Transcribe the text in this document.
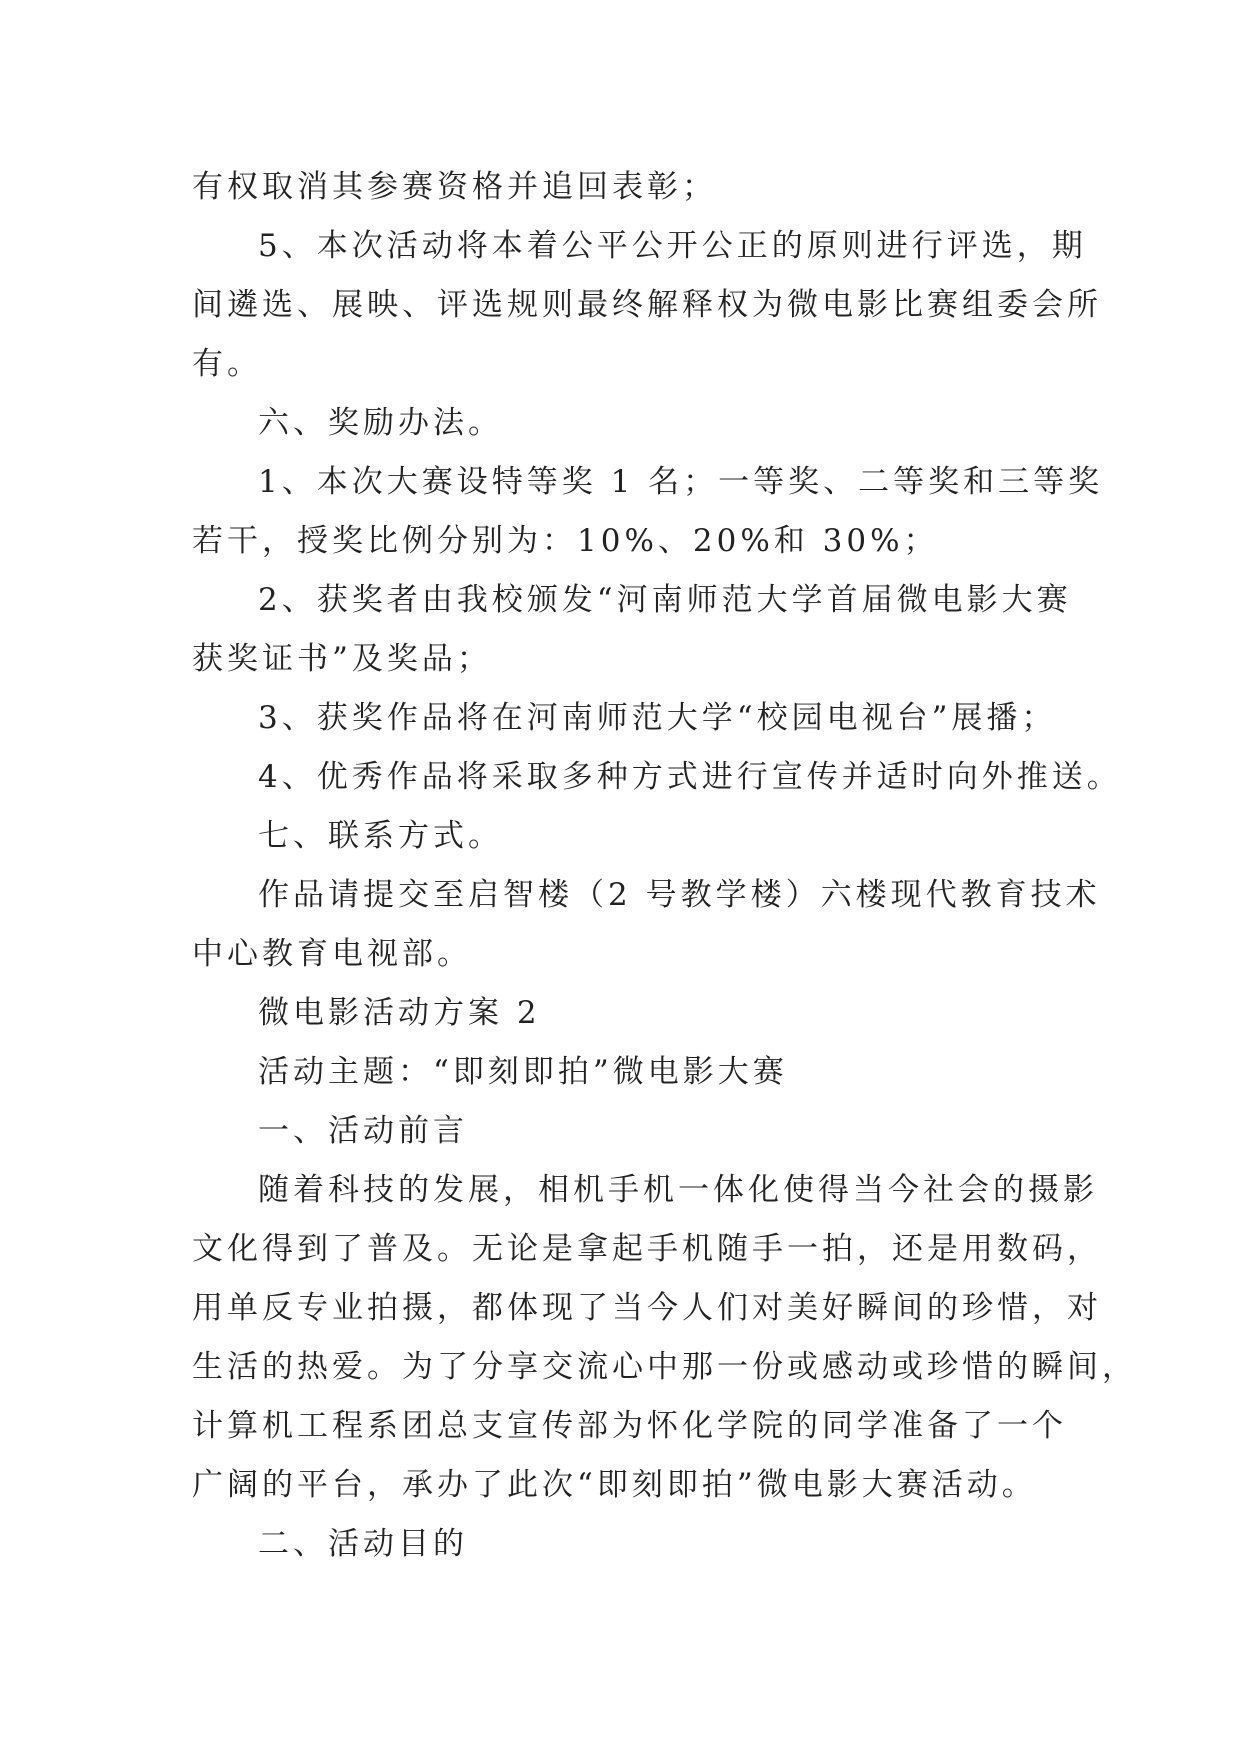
有权取消其参赛资格并追回表彰；
5、本次活动将本着公平公开公正的原则进行评选，期
间遴选、展映、评选规则最终解释权为微电影比赛组委会所
有。
六、奖励办法。
1、本次大赛设特等奖 1 名；一等奖、二等奖和三等奖
若干，授奖比例分别为：10%、20%和 30%；
2、获奖者由我校颁发“河南师范大学首届微电影大赛
获奖证书”及奖品；
3、获奖作品将在河南师范大学“校园电视台”展播；
4、优秀作品将采取多种方式进行宣传并适时向外推送。
七、联系方式。
作品请提交至启智楼（2 号教学楼）六楼现代教育技术
中心教育电视部。
微电影活动方案 2
活动主题：“即刻即拍”微电影大赛
一、活动前言
随着科技的发展，相机手机一体化使得当今社会的摄影
文化得到了普及。无论是拿起手机随手一拍，还是用数码，
用单反专业拍摄，都体现了当今人们对美好瞬间的珍惜，对
生活的热爱。为了分享交流心中那一份或感动或珍惜的瞬间，
计算机工程系团总支宣传部为怀化学院的同学准备了一个
广阔的平台，承办了此次“即刻即拍”微电影大赛活动。
二、活动目的
